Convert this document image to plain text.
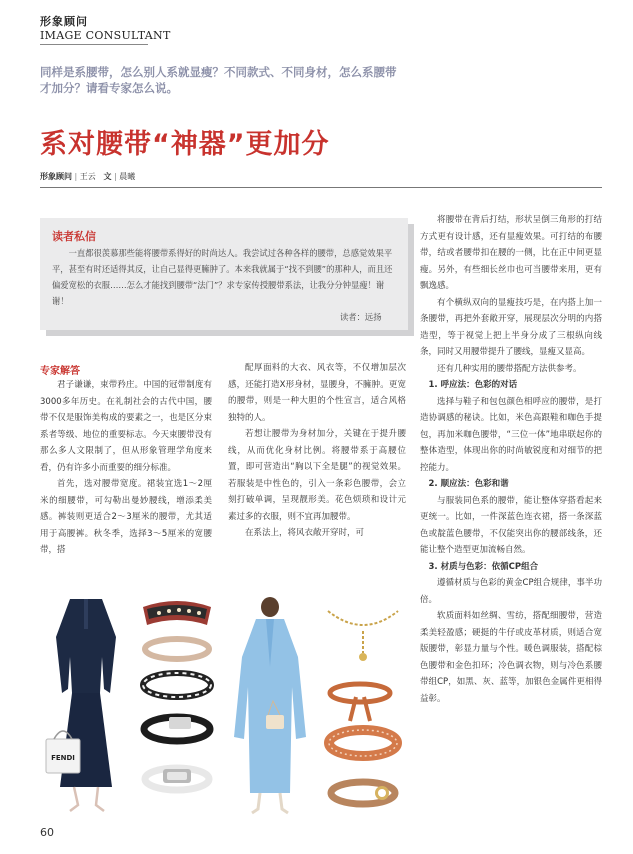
形象顾问
IMAGE CONSULTANT
同样是系腰带，怎么别人系就显瘦？不同款式、不同身材，怎么系腰带才加分？请看专家怎么说。
系对腰带“神器”更加分
形象顾问 | 王云 文 | 晨曦
读者私信
一直都很羡慕那些能将腰带系得好的时尚达人。我尝试过各种各样的腰带，总感觉效果平平，甚至有时还适得其反，让自己显得更臃肿了。本来我就属于“找不到腰”的那种人，而且还偏爱宽松的衣服……怎么才能找到腰带“法门”？求专家传授腰带系法，让我分分钟显瘦！谢谢！
读者：远扬
专家解答

君子谦谦，束带矜庄。中国的冠带制度有3000多年历史。在礼制社会的古代中国，腰带不仅是服饰美构成的要素之一，也是区分束系者等级、地位的重要标志。今天束腰带没有那么多人文限制了，但从形象管理学角度来看，仍有许多小而重要的细分标准。

首先，选对腰带宽度。裙装宜选1～2厘米的细腰带，可勾勒出曼妙腰线，增添柔美感。裤装则更适合2～3厘米的腰带，尤其适用于高腰裤。秋冬季，选择3～5厘米的宽腰带，搭

配厚面料的大衣、风衣等，不仅增加层次感，还能打造X形身材，显腰身，不臃肿。更宽的腰带，则是一种大胆的个性宣言，适合风格独特的人。

若想让腰带为身材加分，关键在于提升腰线，从而优化身材比例。将腰带系于高腰位置，即可营造出“胸以下全是腿”的视觉效果。若服装是中性色的，引入一条彩色腰带，会立刻打破单调，呈现靓形美。花色烦琐和设计元素过多的衣服，则不宜再加腰带。

在系法上，将风衣敞开穿时，可

将腰带在背后打结，形状呈倒三角形的打结方式更有设计感，还有显瘦效果。可打结的布腰带，结或者腰带扣在腰的一侧，比在正中间更显瘦。另外，有些细长丝巾也可当腰带来用，更有飘逸感。

有个横纵双向的显瘦技巧是，在内搭上加一条腰带，再把外套敞开穿，展现层次分明的内搭造型，等于视觉上把上半身分成了三根纵向线条，同时又用腰带提升了腰线，显瘦又显高。

还有几种实用的腰带搭配方法供参考。

1. 呼应法：色彩的对话

选择与鞋子和包包颜色相呼应的腰带，是打造协调感的秘诀。比如，米色高跟鞋和咖色手提包，再加米咖色腰带，“三位一体”地串联起你的整体造型，体现出你的时尚敏锐度和对细节的把控能力。

2. 顺应法：色彩和谐

与服装同色系的腰带，能让整体穿搭看起来更统一。比如，一件深蓝色连衣裙，搭一条深蓝色或靛蓝色腰带，不仅能突出你的腰部线条，还能让整个造型更加流畅自然。

3. 材质与色彩：依循CP组合

遵循材质与色彩的黄金CP组合规律，事半功倍。

软质面料如丝绸、雪纺，搭配细腰带，营造柔美轻盈感；硬挺的牛仔或皮革材质，则适合宽版腰带，彰显力量与个性。暖色调服装，搭配棕色腰带和金色扣环；冷色调衣物，则与冷色系腰带组CP，如黑、灰、蓝等，加银色金属件更相得益彰。

FENDI
60
